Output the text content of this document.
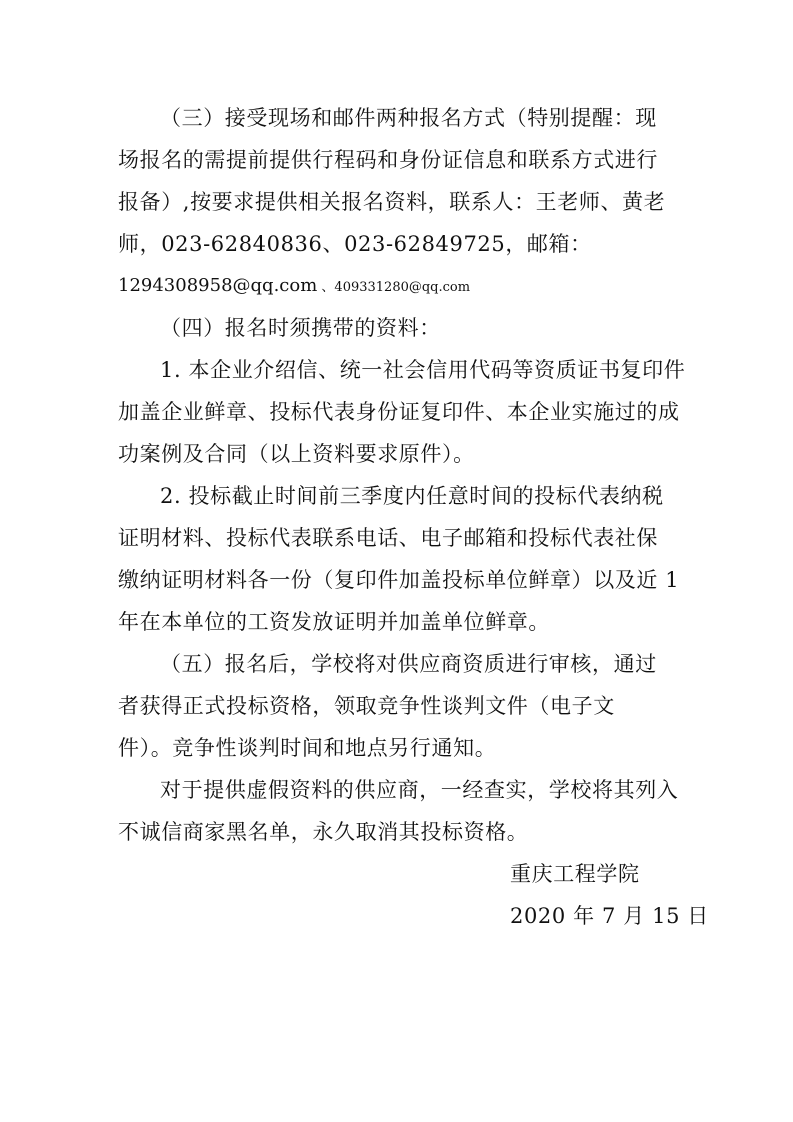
（三）接受现场和邮件两种报名方式（特别提醒：现
场报名的需提前提供行程码和身份证信息和联系方式进行
报备）,按要求提供相关报名资料，联系人：王老师、黄老
师，023-62840836、023-62849725，邮箱：
1294308958@qq.com 、409331280@qq.com
（四）报名时须携带的资料：
1. 本企业介绍信、统一社会信用代码等资质证书复印件
加盖企业鲜章、投标代表身份证复印件、本企业实施过的成
功案例及合同（以上资料要求原件）。
2. 投标截止时间前三季度内任意时间的投标代表纳税
证明材料、投标代表联系电话、电子邮箱和投标代表社保
缴纳证明材料各一份（复印件加盖投标单位鲜章）以及近 1
年在本单位的工资发放证明并加盖单位鲜章。
（五）报名后，学校将对供应商资质进行审核，通过
者获得正式投标资格，领取竞争性谈判文件（电子文
件）。竞争性谈判时间和地点另行通知。
对于提供虚假资料的供应商，一经查实，学校将其列入
不诚信商家黑名单，永久取消其投标资格。
重庆工程学院
2020 年 7 月 15 日
